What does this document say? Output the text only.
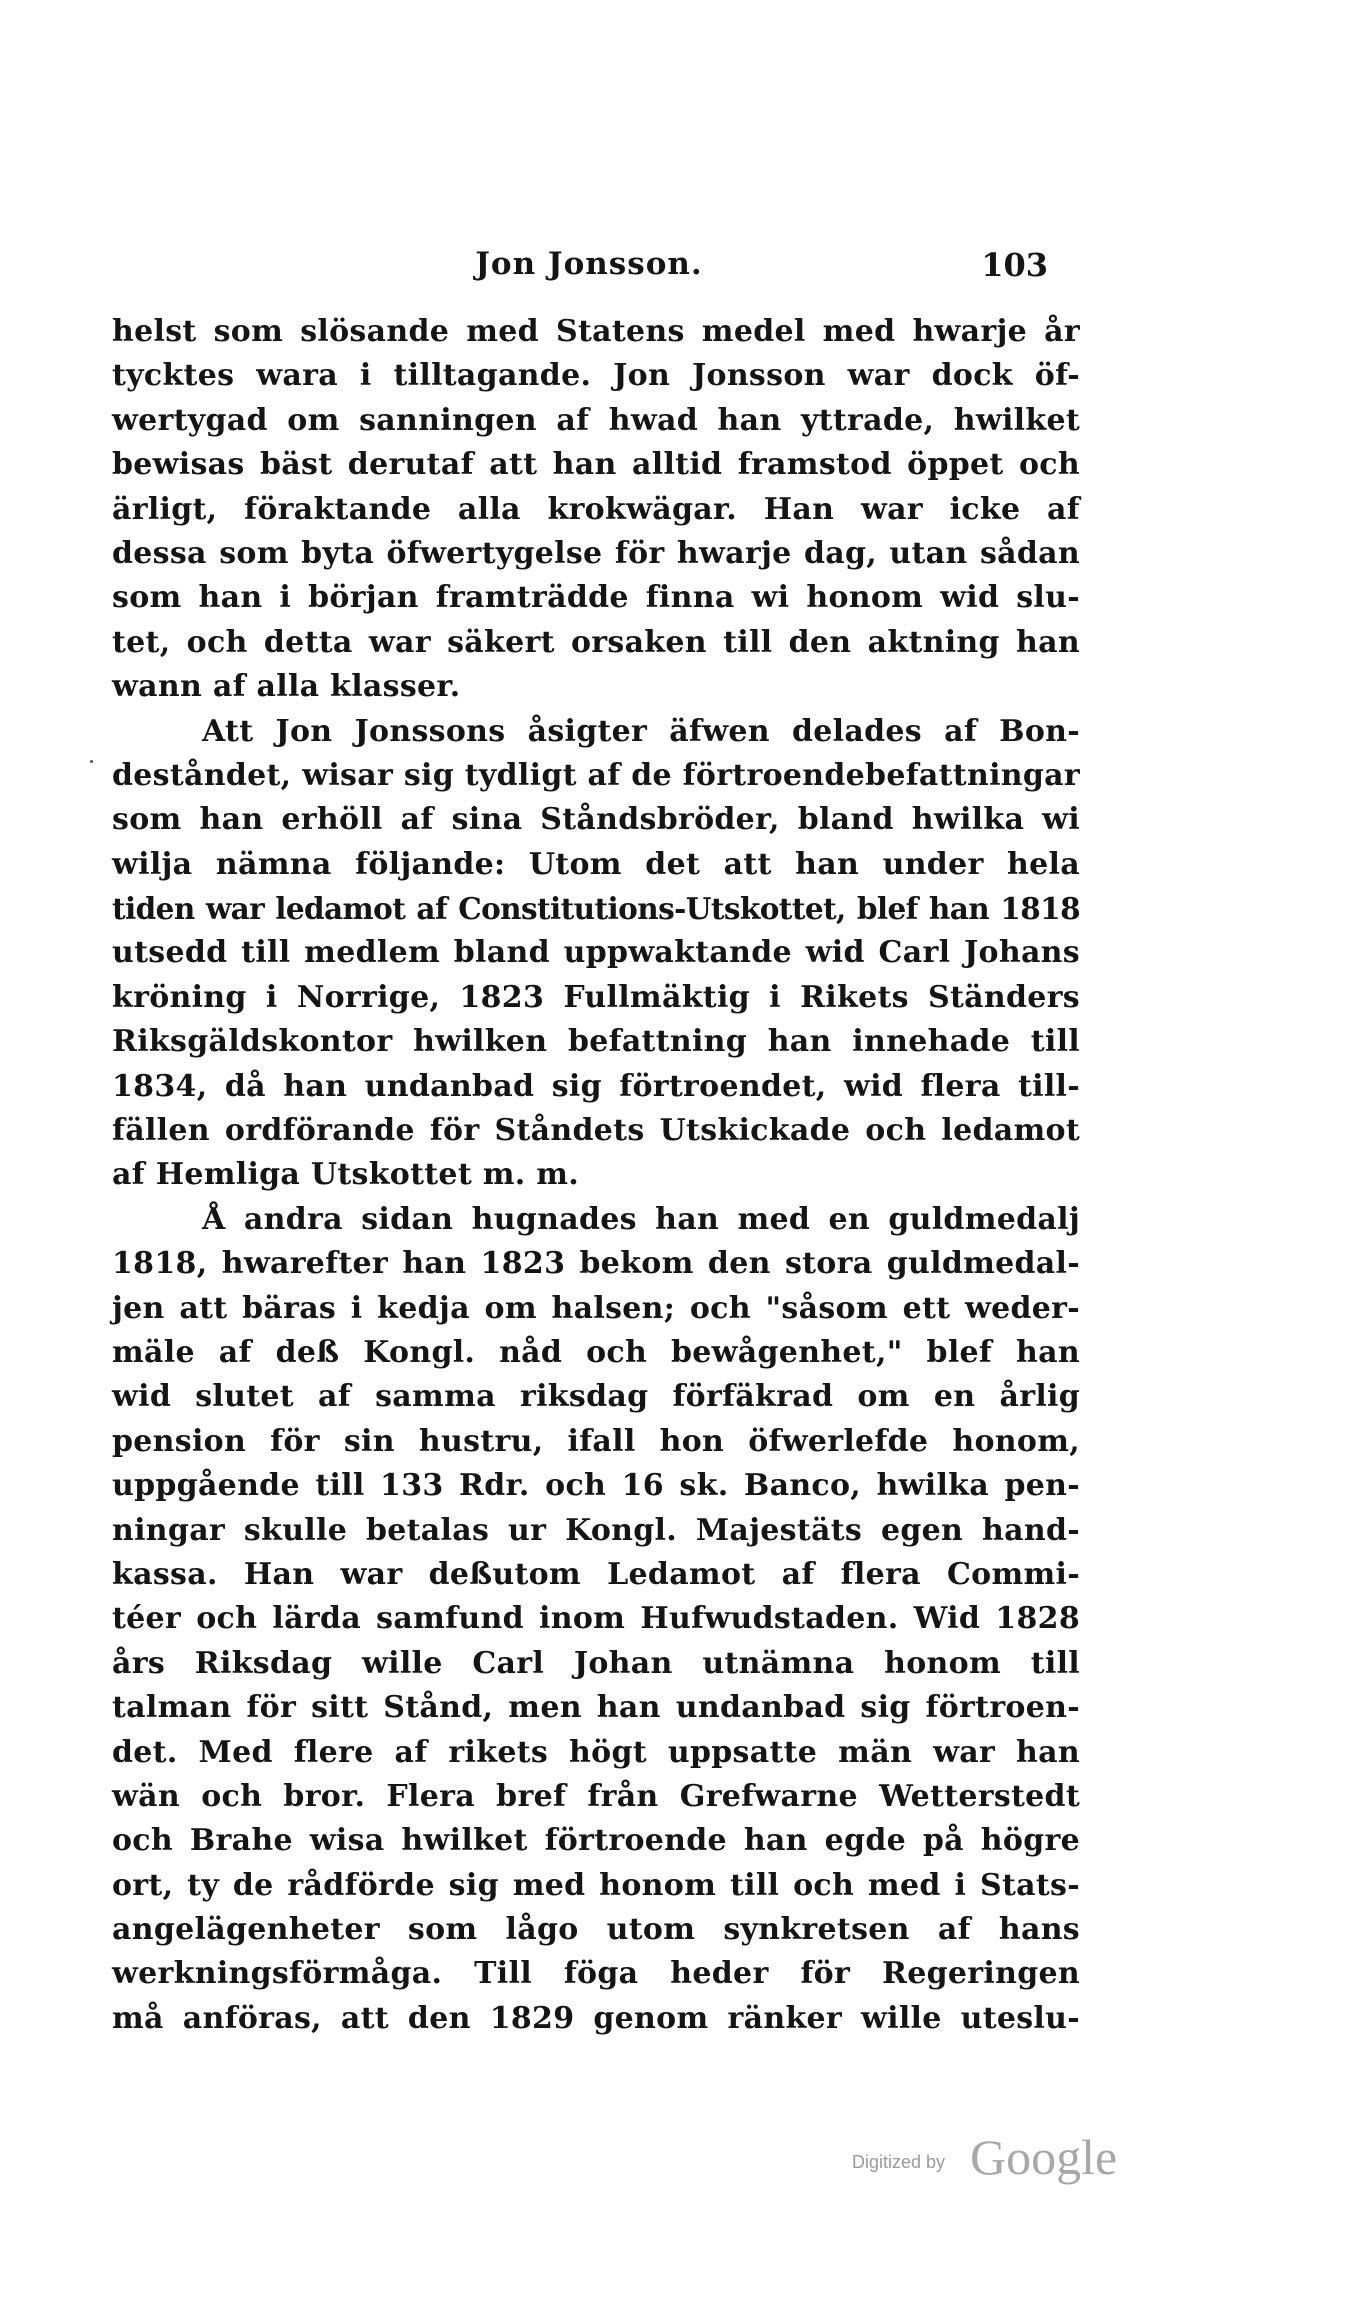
Jon Jonsson.	103
helst som slösande med Statens medel med hwarje år
tycktes wara i tilltagande. Jon Jonsson war dock öf-
wertygad om sanningen af hwad han yttrade, hwilket
bewisas bäst derutaf att han alltid framstod öppet och
ärligt, föraktande alla krokwägar. Han war icke af
dessa som byta öfwertygelse för hwarje dag, utan sådan
som han i början framträdde finna wi honom wid slu-
tet, och detta war säkert orsaken till den aktning han
wann af alla klasser.
Att Jon Jonssons åsigter äfwen delades af Bon-
deståndet, wisar sig tydligt af de förtroendebefattningar
som han erhöll af sina Ståndsbröder, bland hwilka wi
wilja nämna följande: Utom det att han under hela
tiden war ledamot af Constitutions-Utskottet, blef han 1818
utsedd till medlem bland uppwaktande wid Carl Johans
kröning i Norrige, 1823 Fullmäktig i Rikets Ständers
Riksgäldskontor hwilken befattning han innehade till
1834, då han undanbad sig förtroendet, wid flera till-
fällen ordförande för Ståndets Utskickade och ledamot
af Hemliga Utskottet m. m.
Å andra sidan hugnades han med en guldmedalj
1818, hwarefter han 1823 bekom den stora guldmedal-
jen att bäras i kedja om halsen; och "såsom ett weder-
mäle af deß Kongl. nåd och bewågenhet," blef han
wid slutet af samma riksdag förfäkrad om en årlig
pension för sin hustru, ifall hon öfwerlefde honom,
uppgående till 133 Rdr. och 16 sk. Banco, hwilka pen-
ningar skulle betalas ur Kongl. Majestäts egen hand-
kassa. Han war deßutom Ledamot af flera Commi-
téer och lärda samfund inom Hufwudstaden. Wid 1828
års Riksdag wille Carl Johan utnämna honom till
talman för sitt Stånd, men han undanbad sig förtroen-
det. Med flere af rikets högt uppsatte män war han
wän och bror. Flera bref från Grefwarne Wetterstedt
och Brahe wisa hwilket förtroende han egde på högre
ort, ty de rådförde sig med honom till och med i Stats-
angelägenheter som lågo utom synkretsen af hans
werkningsförmåga. Till föga heder för Regeringen
må anföras, att den 1829 genom ränker wille uteslu-
Digitized by Google
